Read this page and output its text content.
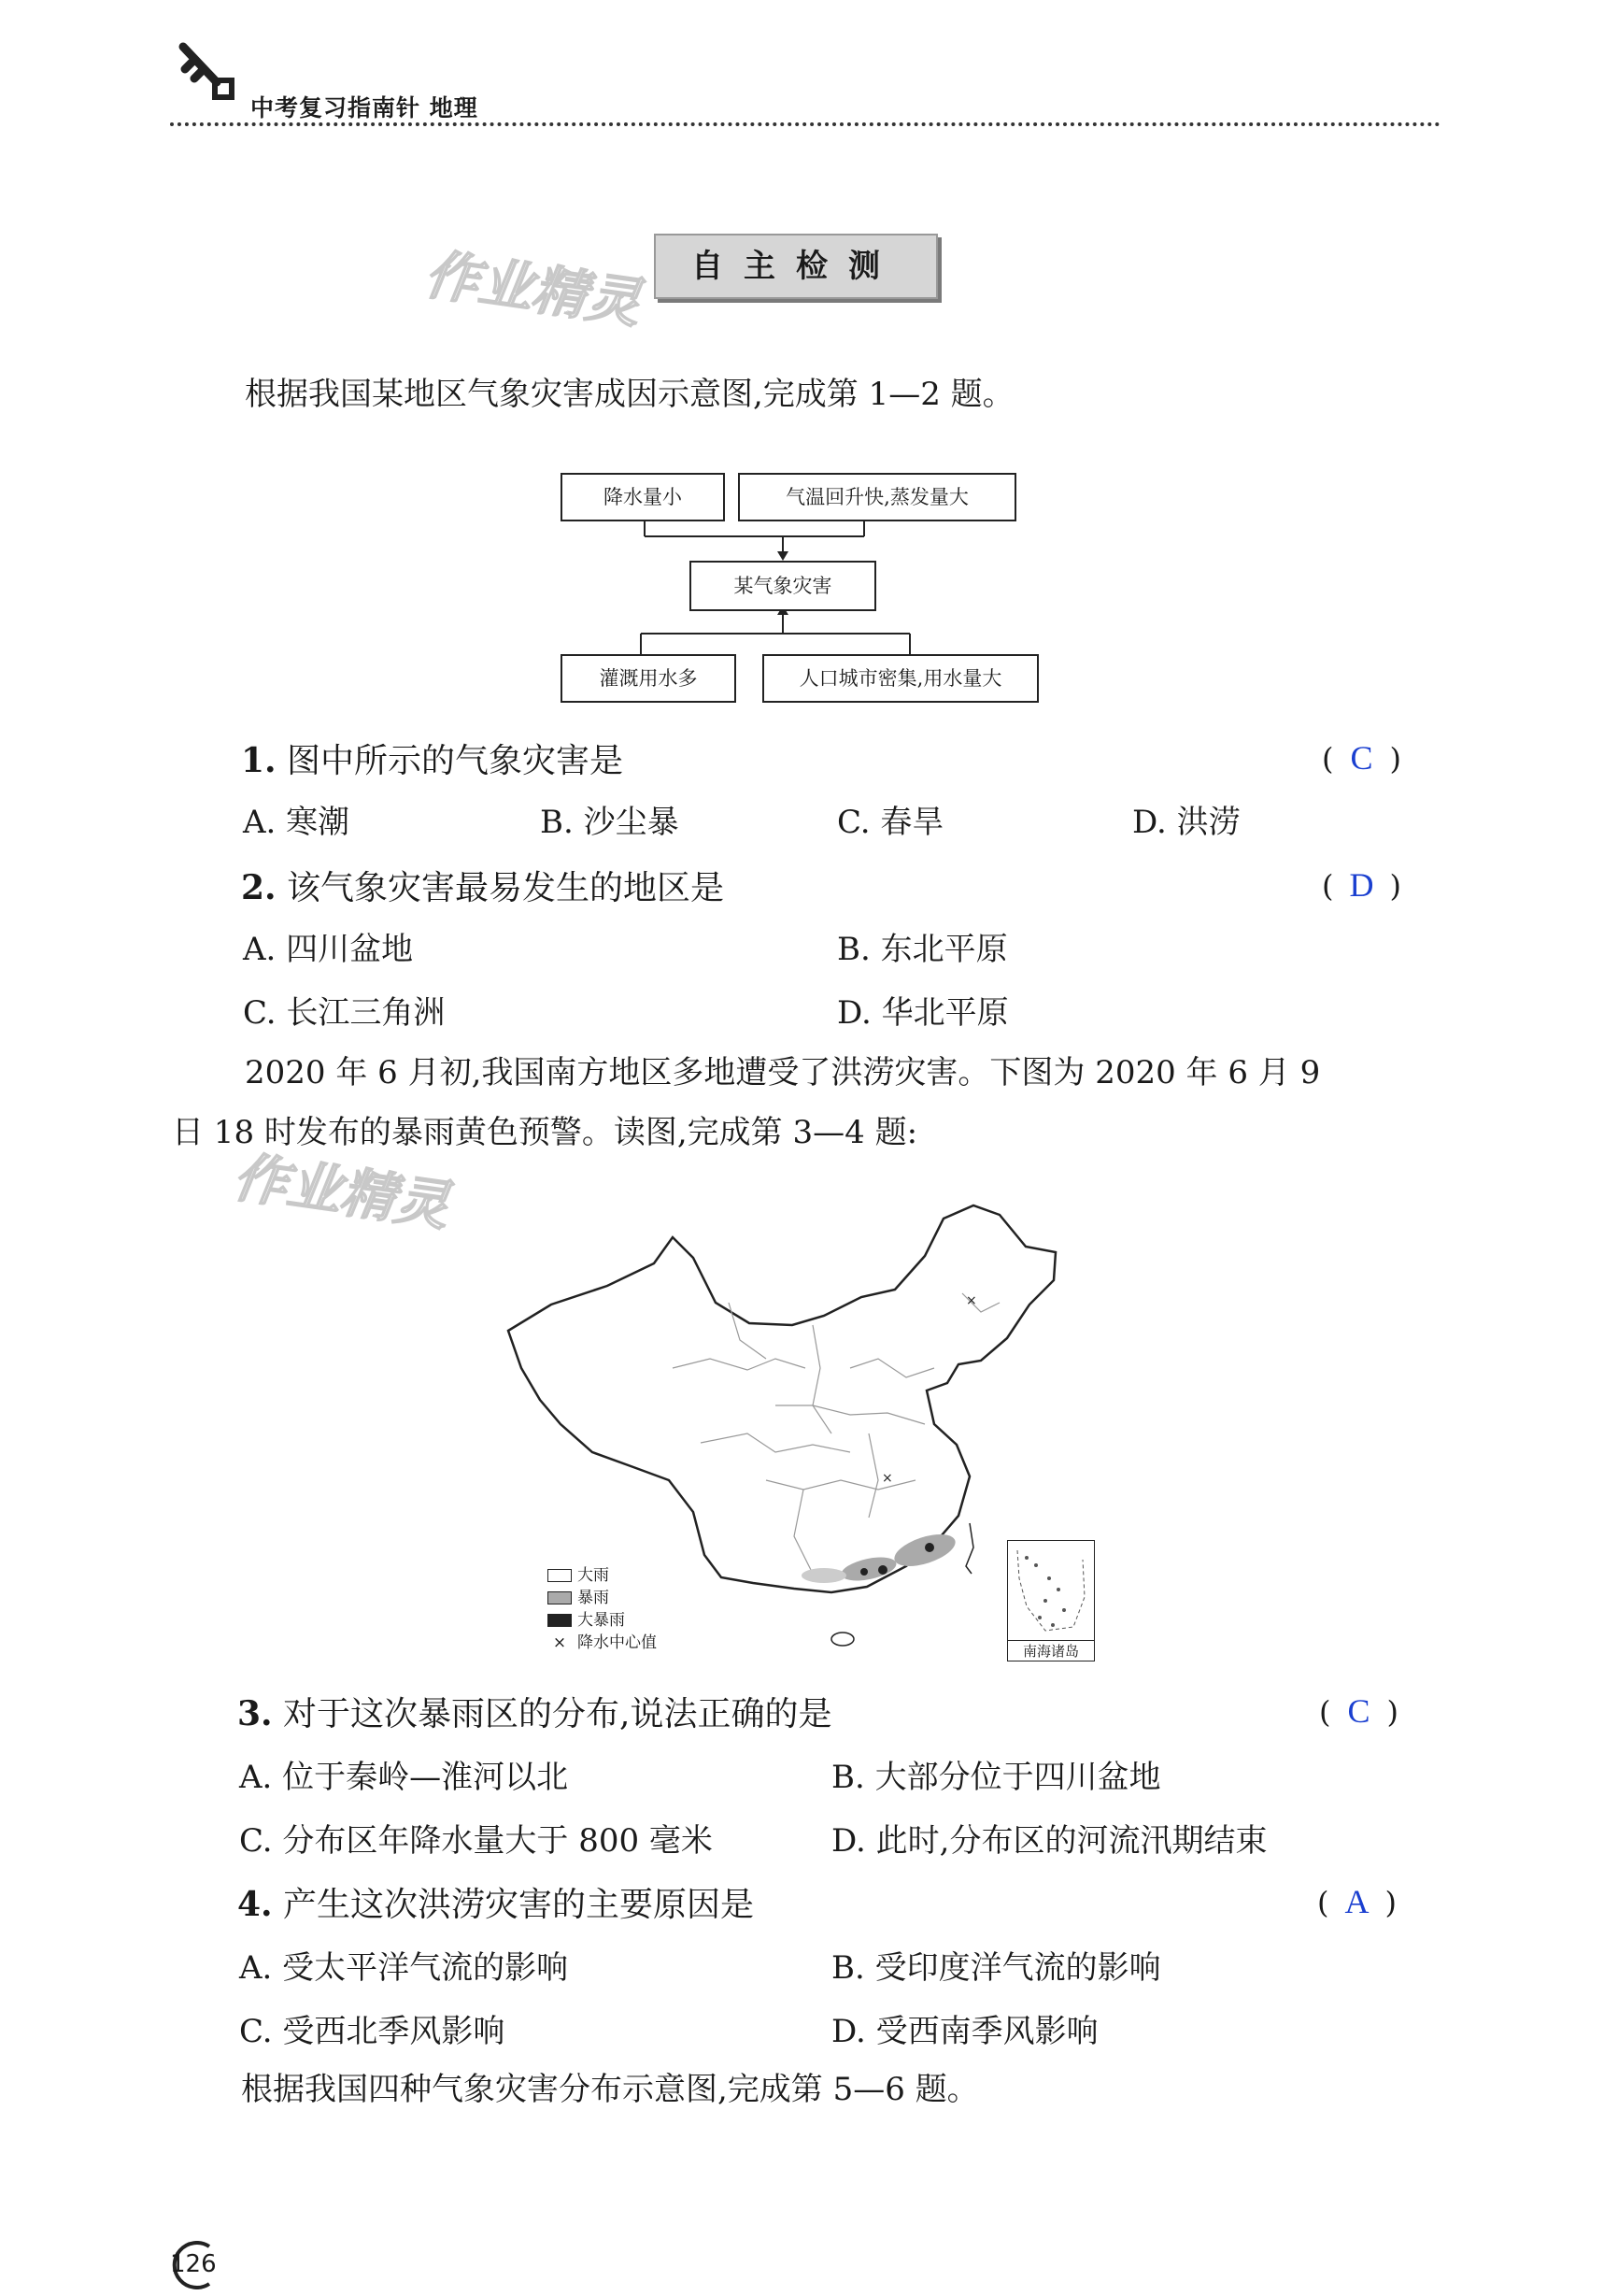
中考复习指南针 地理
作业精灵
作业精灵
自主检测
根据我国某地区气象灾害成因示意图,完成第 1—2 题。
降水量小	气温回升快,蒸发量大
某气象灾害
灌溉用水多	人口城市密集,用水量大
1. 图中所示的气象灾害是	( C )
A. 寒潮	B. 沙尘暴	C. 春旱	D. 洪涝
2. 该气象灾害最易发生的地区是	( D )
A. 四川盆地	B. 东北平原
C. 长江三角洲	D. 华北平原
2020 年 6 月初,我国南方地区多地遭受了洪涝灾害。下图为 2020 年 6 月 9
日 18 时发布的暴雨黄色预警。读图,完成第 3—4 题:
×
×
大雨
暴雨
大暴雨
× 降水中心值	南海诸岛
3. 对于这次暴雨区的分布,说法正确的是	( C )
A. 位于秦岭—淮河以北	B. 大部分位于四川盆地
C. 分布区年降水量大于 800 毫米	D. 此时,分布区的河流汛期结束
4. 产生这次洪涝灾害的主要原因是	( A )
A. 受太平洋气流的影响	B. 受印度洋气流的影响
C. 受西北季风影响	D. 受西南季风影响
根据我国四种气象灾害分布示意图,完成第 5—6 题。
126
